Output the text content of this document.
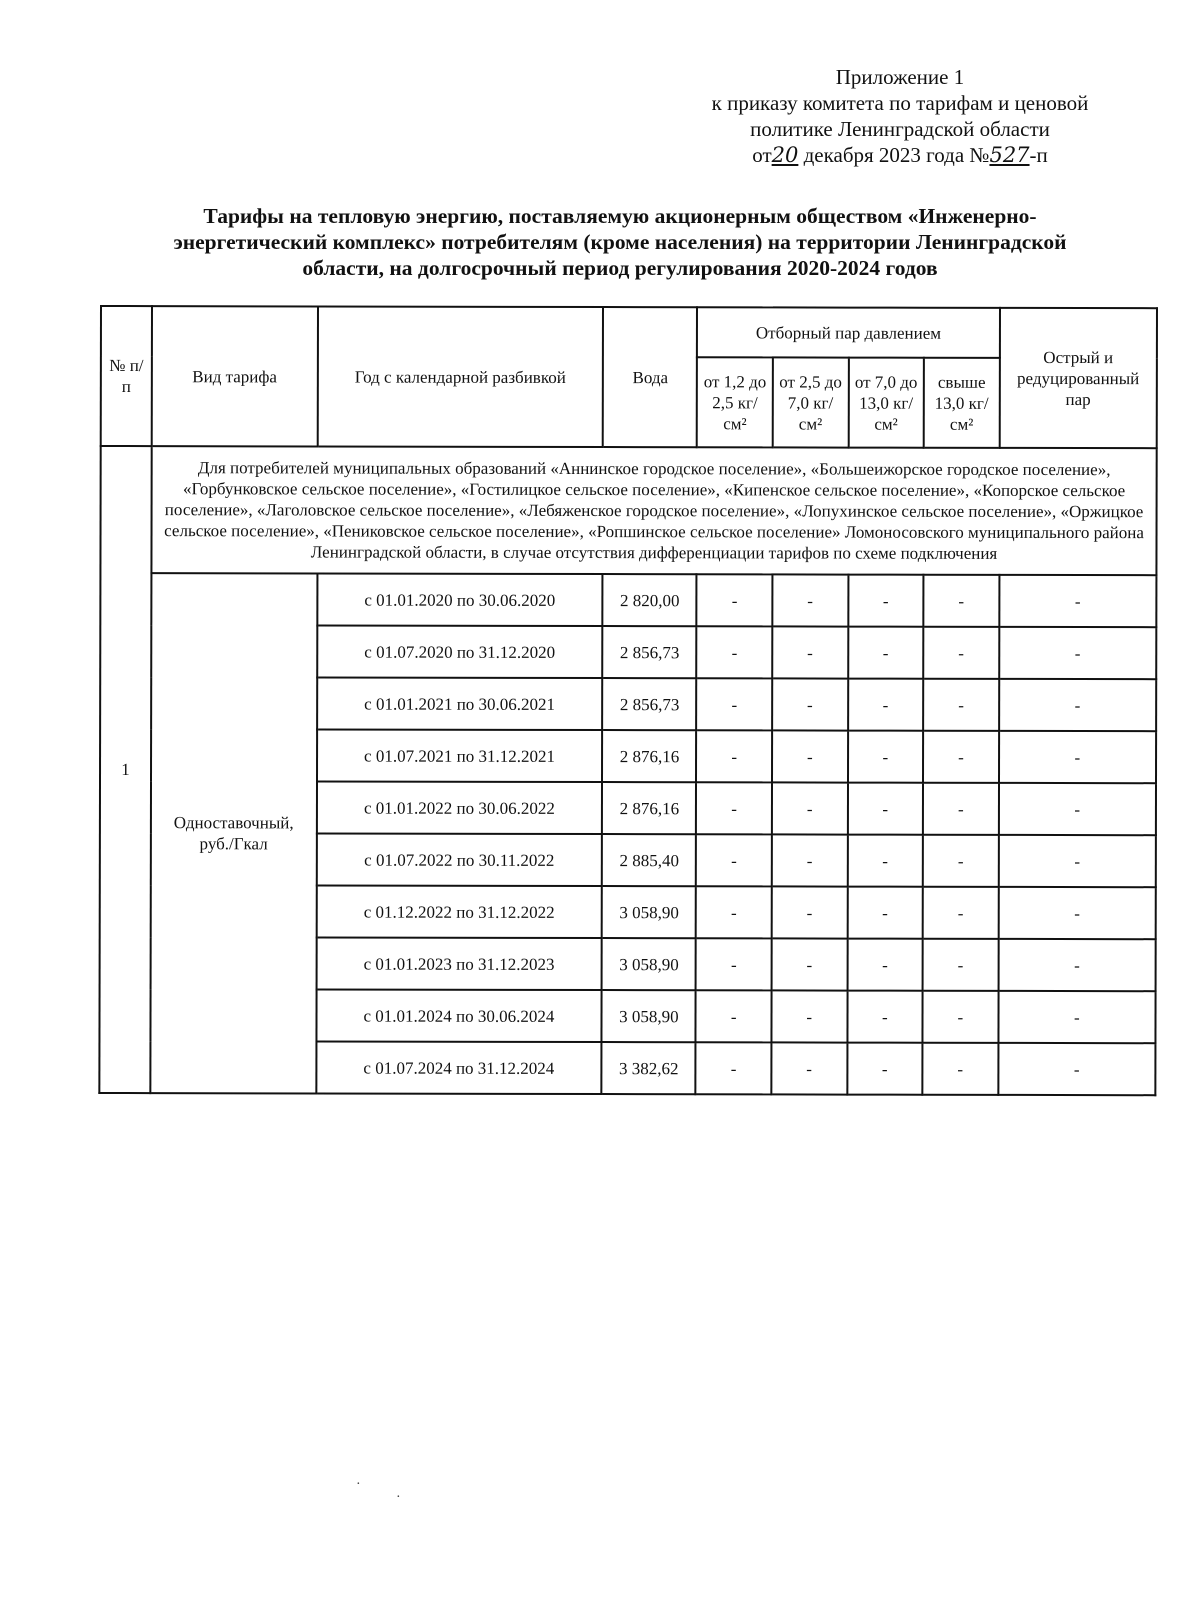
Приложение 1
к приказу комитета по тарифам и ценовой
политике Ленинградской области
от20 декабря 2023 года №527-п
Тарифы на тепловую энергию, поставляемую акционерным обществом «Инженерно-
энергетический комплекс» потребителям (кроме населения) на территории Ленинградской
области, на долгосрочный период регулирования 2020-2024 годов
№ п/п	Вид тарифа	Год с календарной разбивкой	Вода	Отборный пар давлением				Острый и редуцированный пар
				от 1,2 до 2,5 кг/см²	от 2,5 до 7,0 кг/см²	от 7,0 до 13,0 кг/см²	свыше 13,0 кг/см²	
1	Для потребителей муниципальных образований «Аннинское городское поселение», «Большеижорское городское поселение», «Горбунковское сельское поселение», «Гостилицкое сельское поселение», «Кипенское сельское поселение», «Копорское сельское поселение», «Лаголовское сельское поселение», «Лебяженское городское поселение», «Лопухинское сельское поселение», «Оржицкое сельское поселение», «Пениковское сельское поселение», «Ропшинское сельское поселение» Ломоносовского муниципального района Ленинградской области, в случае отсутствия дифференциации тарифов по схеме подключения							
	Одноставочный, руб./Гкал	с 01.01.2020 по 30.06.2020	2 820,00	-	-	-	-	-
		с 01.07.2020 по 31.12.2020	2 856,73	-	-	-	-	-
		с 01.01.2021 по 30.06.2021	2 856,73	-	-	-	-	-
		с 01.07.2021 по 31.12.2021	2 876,16	-	-	-	-	-
		с 01.01.2022 по 30.06.2022	2 876,16	-	-	-	-	-
		с 01.07.2022 по 30.11.2022	2 885,40	-	-	-	-	-
		с 01.12.2022 по 31.12.2022	3 058,90	-	-	-	-	-
		с 01.01.2023 по 31.12.2023	3 058,90	-	-	-	-	-
		с 01.01.2024 по 30.06.2024	3 058,90	-	-	-	-	-
		с 01.07.2024 по 31.12.2024	3 382,62	-	-	-	-	-
·
·
